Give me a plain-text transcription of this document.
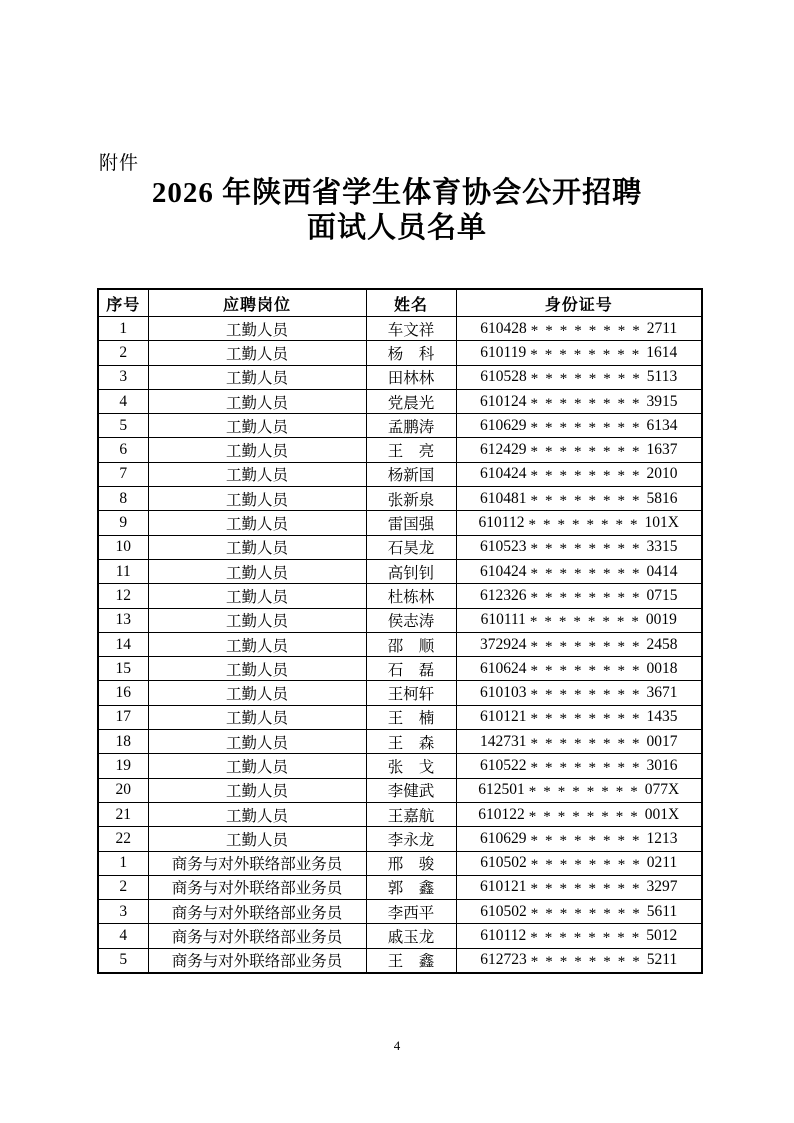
附件
2026 年陕西省学生体育协会公开招聘
面试人员名单
序号	应聘岗位	姓名	身份证号
1	工勤人员	车文祥	610428 ********2711
2	工勤人员	杨　科	610119 ********1614
3	工勤人员	田林林	610528 ********5113
4	工勤人员	党晨光	610124 ********3915
5	工勤人员	孟鹏涛	610629 ********6134
6	工勤人员	王　亮	612429 ********1637
7	工勤人员	杨新国	610424 ********2010
8	工勤人员	张新泉	610481 ********5816
9	工勤人员	雷国强	610112 ********101X
10	工勤人员	石昊龙	610523 ********3315
11	工勤人员	高钊钊	610424 ********0414
12	工勤人员	杜栋林	612326 ********0715
13	工勤人员	侯志涛	610111 ********0019
14	工勤人员	邵　顺	372924 ********2458
15	工勤人员	石　磊	610624 ********0018
16	工勤人员	王柯轩	610103 ********3671
17	工勤人员	王　楠	610121 ********1435
18	工勤人员	王　森	142731 ********0017
19	工勤人员	张　戈	610522 ********3016
20	工勤人员	李健武	612501 ********077X
21	工勤人员	王嘉航	610122 ********001X
22	工勤人员	李永龙	610629 ********1213
1	商务与对外联络部业务员	邢　骏	610502 ********0211
2	商务与对外联络部业务员	郭　鑫	610121 ********3297
3	商务与对外联络部业务员	李西平	610502 ********5611
4	商务与对外联络部业务员	戚玉龙	610112 ********5012
5	商务与对外联络部业务员	王　鑫	612723 ********5211
4
